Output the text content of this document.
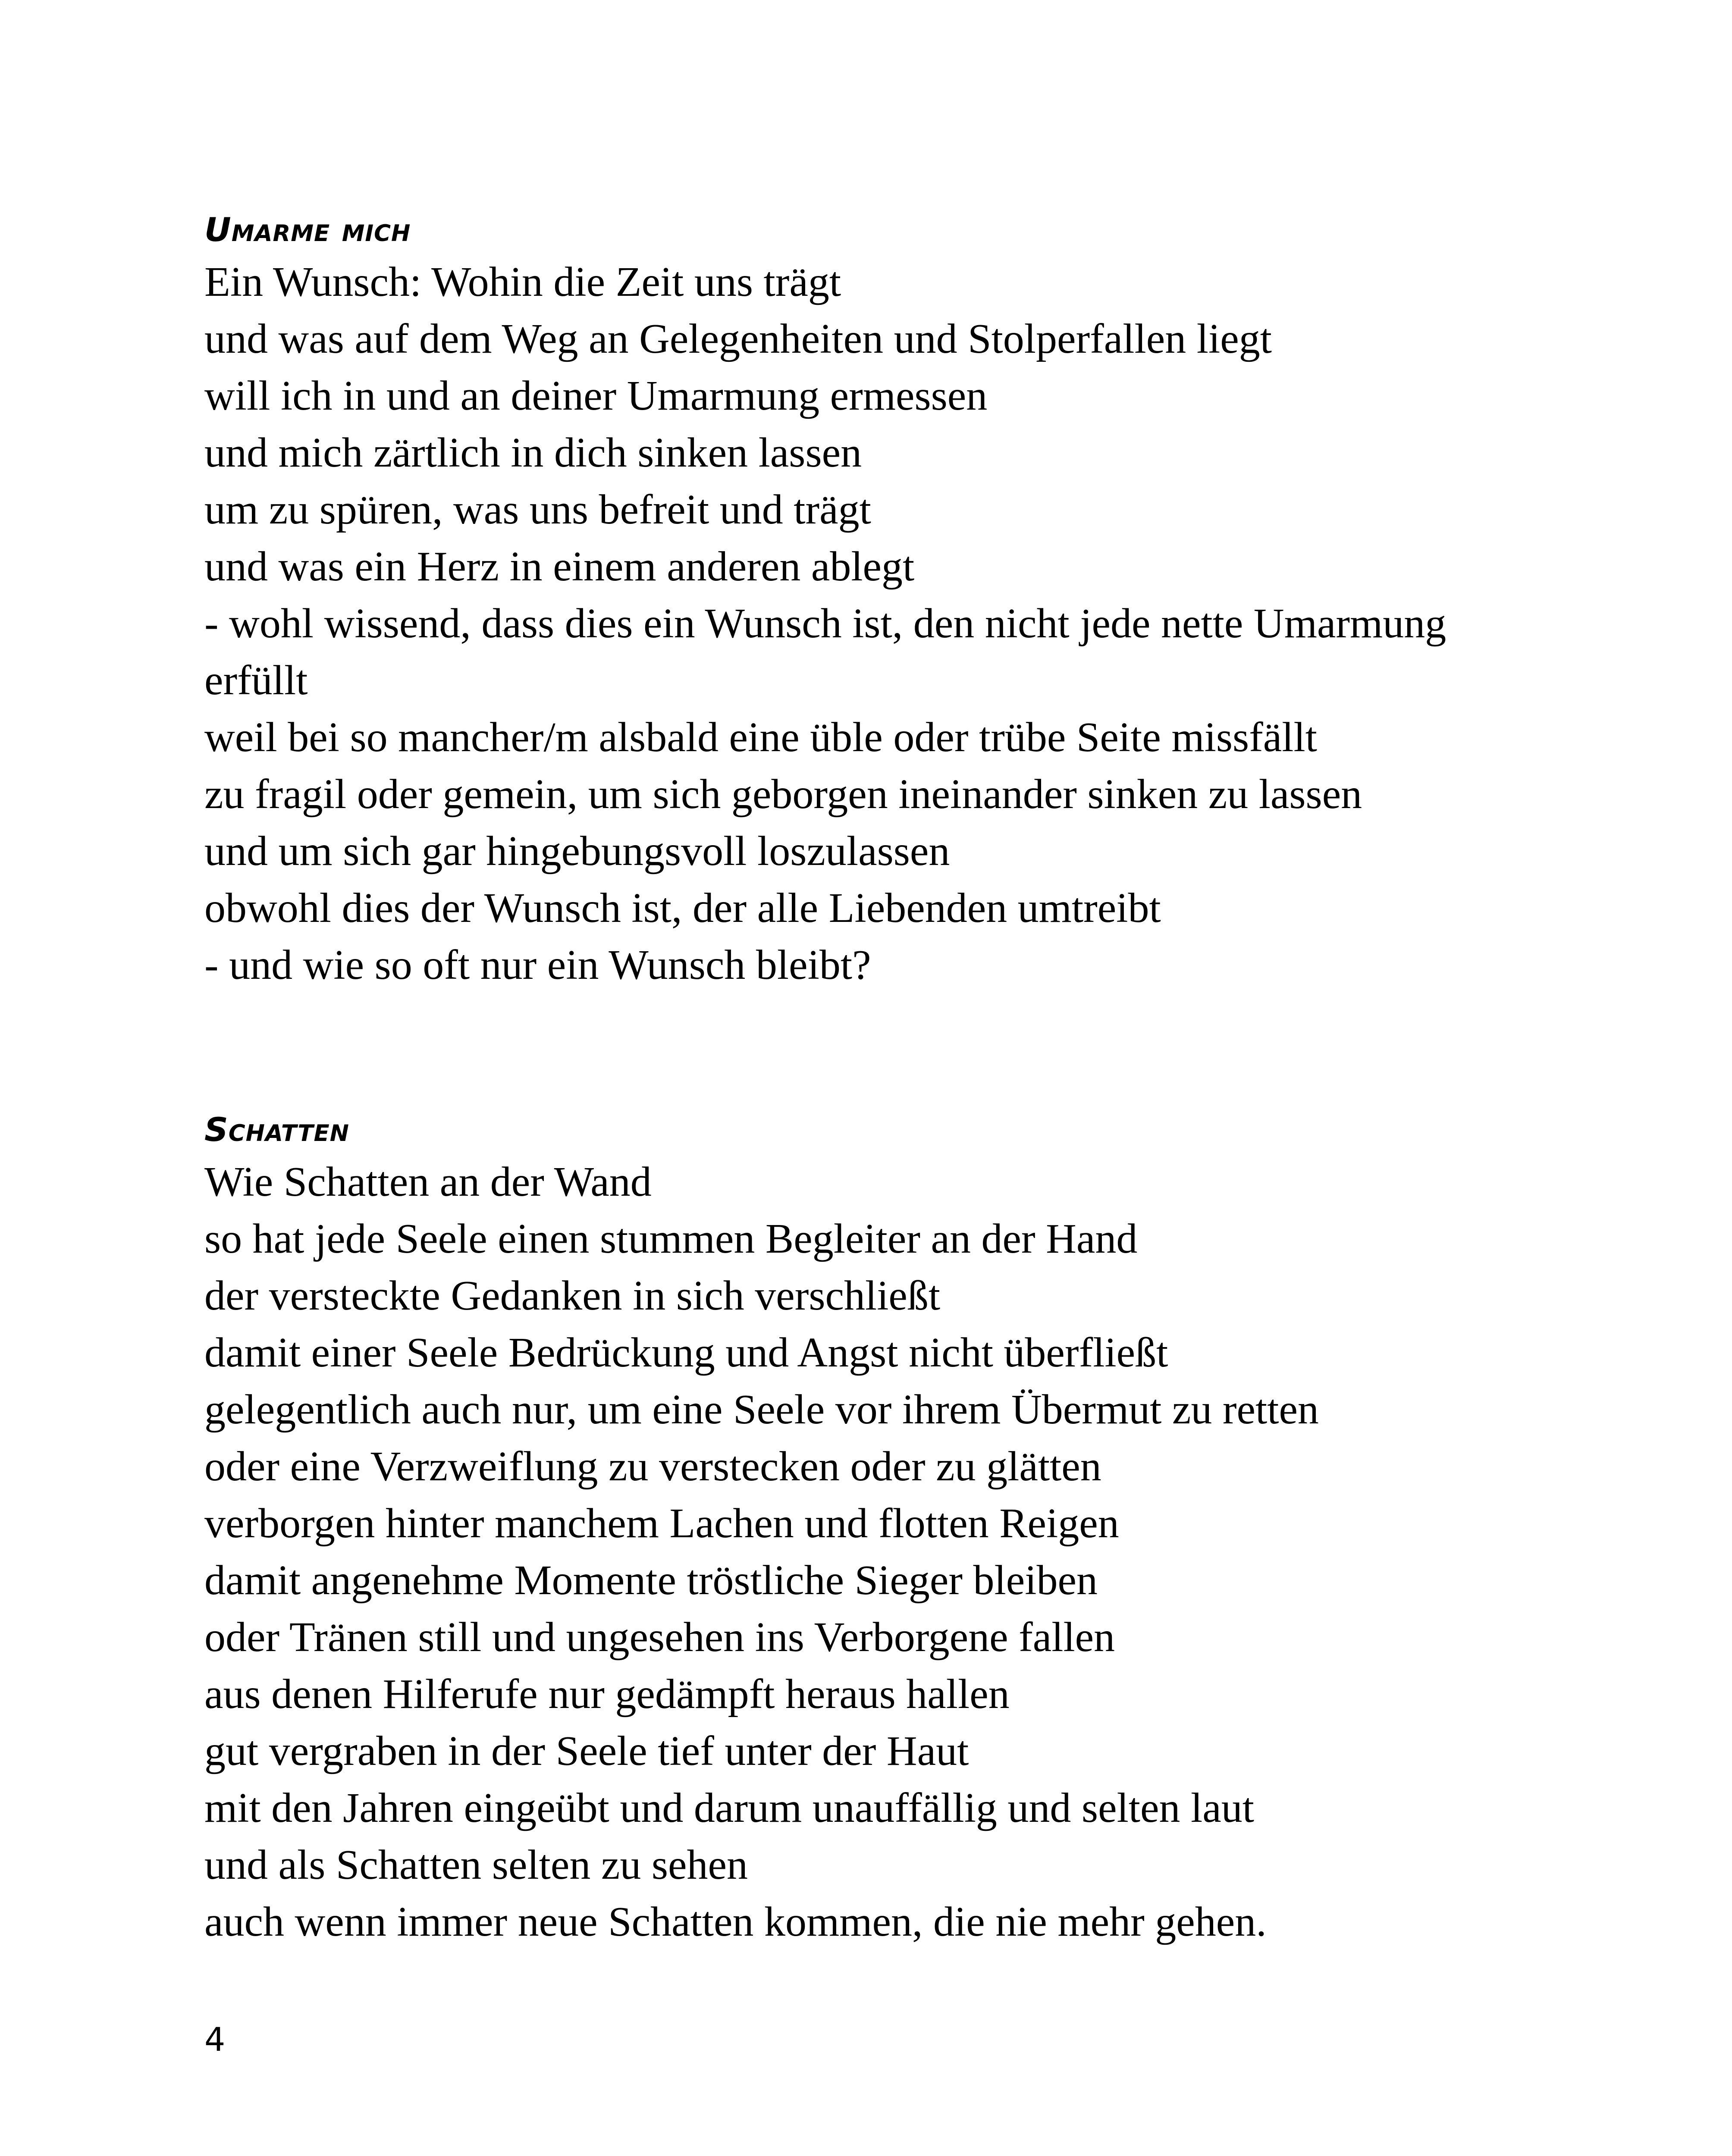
Umarme mich
Ein Wunsch: Wohin die Zeit uns trägt
und was auf dem Weg an Gelegenheiten und Stolperfallen liegt
will ich in und an deiner Umarmung ermessen
und mich zärtlich in dich sinken lassen
um zu spüren, was uns befreit und trägt
und was ein Herz in einem anderen ablegt
- wohl wissend, dass dies ein Wunsch ist, den nicht jede nette Umarmung
erfüllt
weil bei so mancher/m alsbald eine üble oder trübe Seite missfällt
zu fragil oder gemein, um sich geborgen ineinander sinken zu lassen
und um sich gar hingebungsvoll loszulassen
obwohl dies der Wunsch ist, der alle Liebenden umtreibt
- und wie so oft nur ein Wunsch bleibt?
Schatten
Wie Schatten an der Wand
so hat jede Seele einen stummen Begleiter an der Hand
der versteckte Gedanken in sich verschließt
damit einer Seele Bedrückung und Angst nicht überfließt
gelegentlich auch nur, um eine Seele vor ihrem Übermut zu retten
oder eine Verzweiflung zu verstecken oder zu glätten
verborgen hinter manchem Lachen und flotten Reigen
damit angenehme Momente tröstliche Sieger bleiben
oder Tränen still und ungesehen ins Verborgene fallen
aus denen Hilferufe nur gedämpft heraus hallen
gut vergraben in der Seele tief unter der Haut
mit den Jahren eingeübt und darum unauffällig und selten laut
und als Schatten selten zu sehen
auch wenn immer neue Schatten kommen, die nie mehr gehen.
4
